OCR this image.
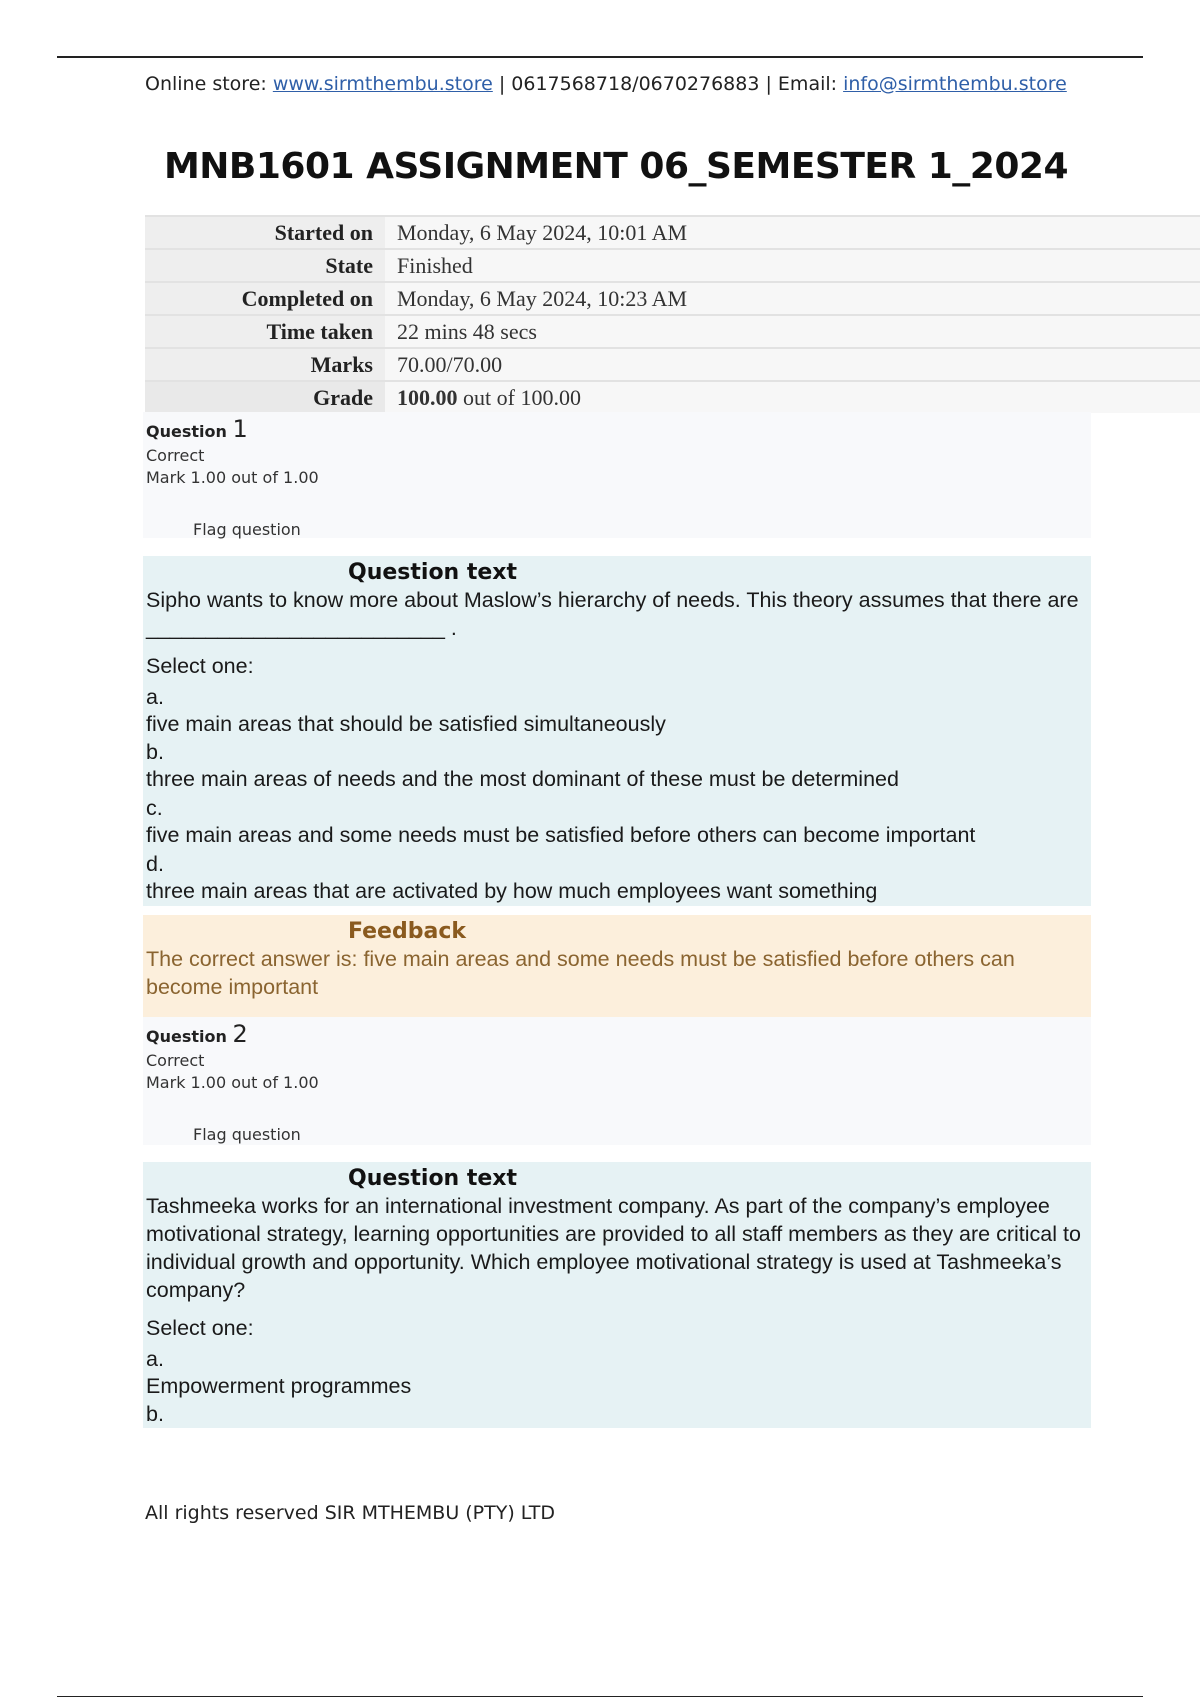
Online store: www.sirmthembu.store | 0617568718/0670276883 | Email: info@sirmthembu.store
MNB1601 ASSIGNMENT 06_SEMESTER 1_2024
Started on	Monday, 6 May 2024, 10:01 AM
State	Finished
Completed on	Monday, 6 May 2024, 10:23 AM
Time taken	22 mins 48 secs
Marks	70.00/70.00
Grade	100.00 out of 100.00
Question 1
Correct
Mark 1.00 out of 1.00
Flag question
Question text
Sipho wants to know more about Maslow’s hierarchy of needs. This theory assumes that there are _________________________ .
Select one:
a.
five main areas that should be satisfied simultaneously
b.
three main areas of needs and the most dominant of these must be determined
c.
five main areas and some needs must be satisfied before others can become important
d.
three main areas that are activated by how much employees want something
Feedback
The correct answer is: five main areas and some needs must be satisfied before others can become important
Question 2
Correct
Mark 1.00 out of 1.00
Flag question
Question text
Tashmeeka works for an international investment company. As part of the company’s employee motivational strategy, learning opportunities are provided to all staff members as they are critical to individual growth and opportunity. Which employee motivational strategy is used at Tashmeeka’s company?
Select one:
a.
Empowerment programmes
b.
All rights reserved SIR MTHEMBU (PTY) LTD
